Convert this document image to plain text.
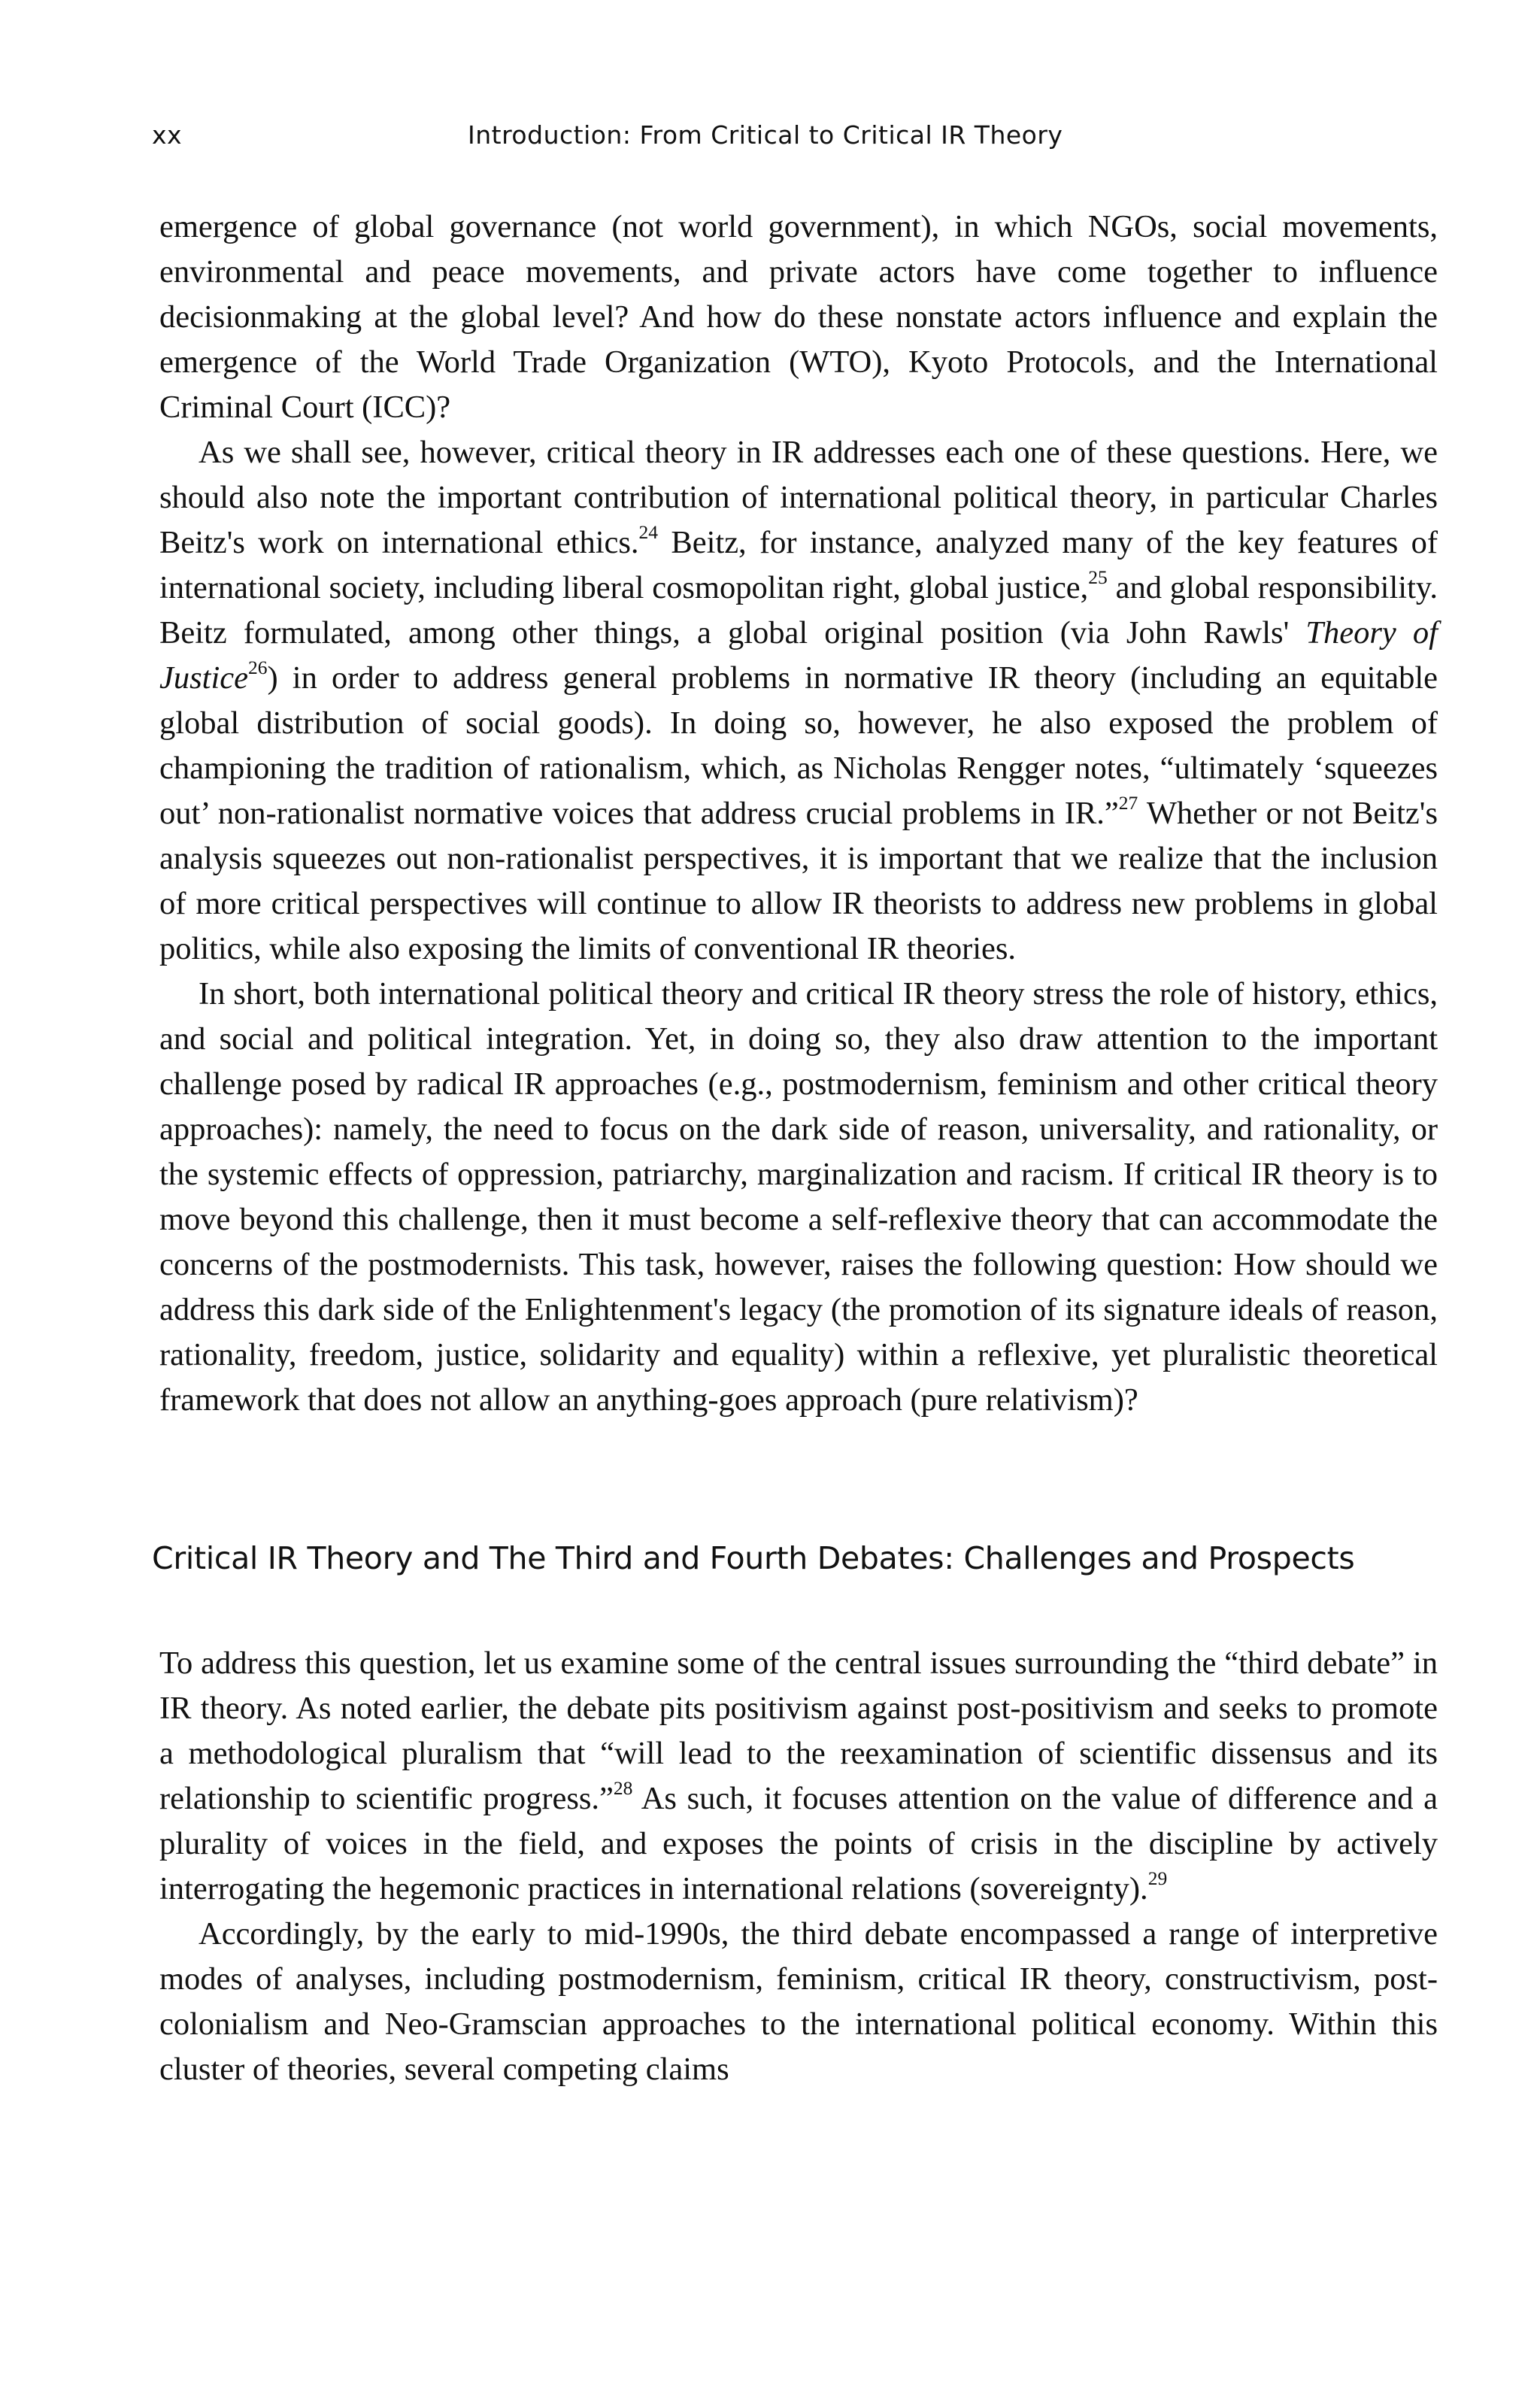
xx	Introduction: From Critical to Critical IR Theory

emergence of global governance (not world government), in which NGOs, social movements, environmental and peace movements, and private actors have come together to influence decisionmaking at the global level? And how do these nonstate actors influence and explain the emergence of the World Trade Organization (WTO), Kyoto Protocols, and the International Criminal Court (ICC)?

As we shall see, however, critical theory in IR addresses each one of these questions. Here, we should also note the important contribution of international political theory, in particular Charles Beitz's work on international ethics.$^{24}$ Beitz, for instance, analyzed many of the key features of international society, including liberal cosmopolitan right, global justice,$^{25}$ and global responsibility. Beitz formulated, among other things, a global original position (via John Rawls' Theory of Justice$^{26}$) in order to address general problems in normative IR theory (including an equitable global distribution of social goods). In doing so, however, he also exposed the problem of championing the tradition of rationalism, which, as Nicholas Rengger notes, “ultimately ‘squeezes out’ non-rationalist normative voices that address crucial problems in IR.”$^{27}$ Whether or not Beitz's analysis squeezes out non-rationalist perspectives, it is important that we realize that the inclusion of more critical perspectives will continue to allow IR theorists to address new problems in global politics, while also exposing the limits of conventional IR theories.

In short, both international political theory and critical IR theory stress the role of history, ethics, and social and political integration. Yet, in doing so, they also draw attention to the important challenge posed by radical IR approaches (e.g., postmodernism, feminism and other critical theory approaches): namely, the need to focus on the dark side of reason, universality, and rationality, or the systemic effects of oppression, patriarchy, marginalization and racism. If critical IR theory is to move beyond this challenge, then it must become a self-reflexive theory that can accommodate the concerns of the postmodernists. This task, however, raises the following question: How should we address this dark side of the Enlightenment's legacy (the promotion of its signature ideals of reason, rationality, freedom, justice, solidarity and equality) within a reflexive, yet pluralistic theoretical framework that does not allow an anything-goes approach (pure relativism)?

Critical IR Theory and The Third and Fourth Debates: Challenges and Prospects

To address this question, let us examine some of the central issues surrounding the “third debate” in IR theory. As noted earlier, the debate pits positivism against post-positivism and seeks to promote a methodological pluralism that “will lead to the reexamination of scientific dissensus and its relationship to scientific progress.”$^{28}$ As such, it focuses attention on the value of difference and a plurality of voices in the field, and exposes the points of crisis in the discipline by actively interrogating the hegemonic practices in international relations (sovereignty).$^{29}$

Accordingly, by the early to mid-1990s, the third debate encompassed a range of interpretive modes of analyses, including postmodernism, feminism, critical IR theory, constructivism, post-colonialism and Neo-Gramscian approaches to the international political economy. Within this cluster of theories, several competing claims
